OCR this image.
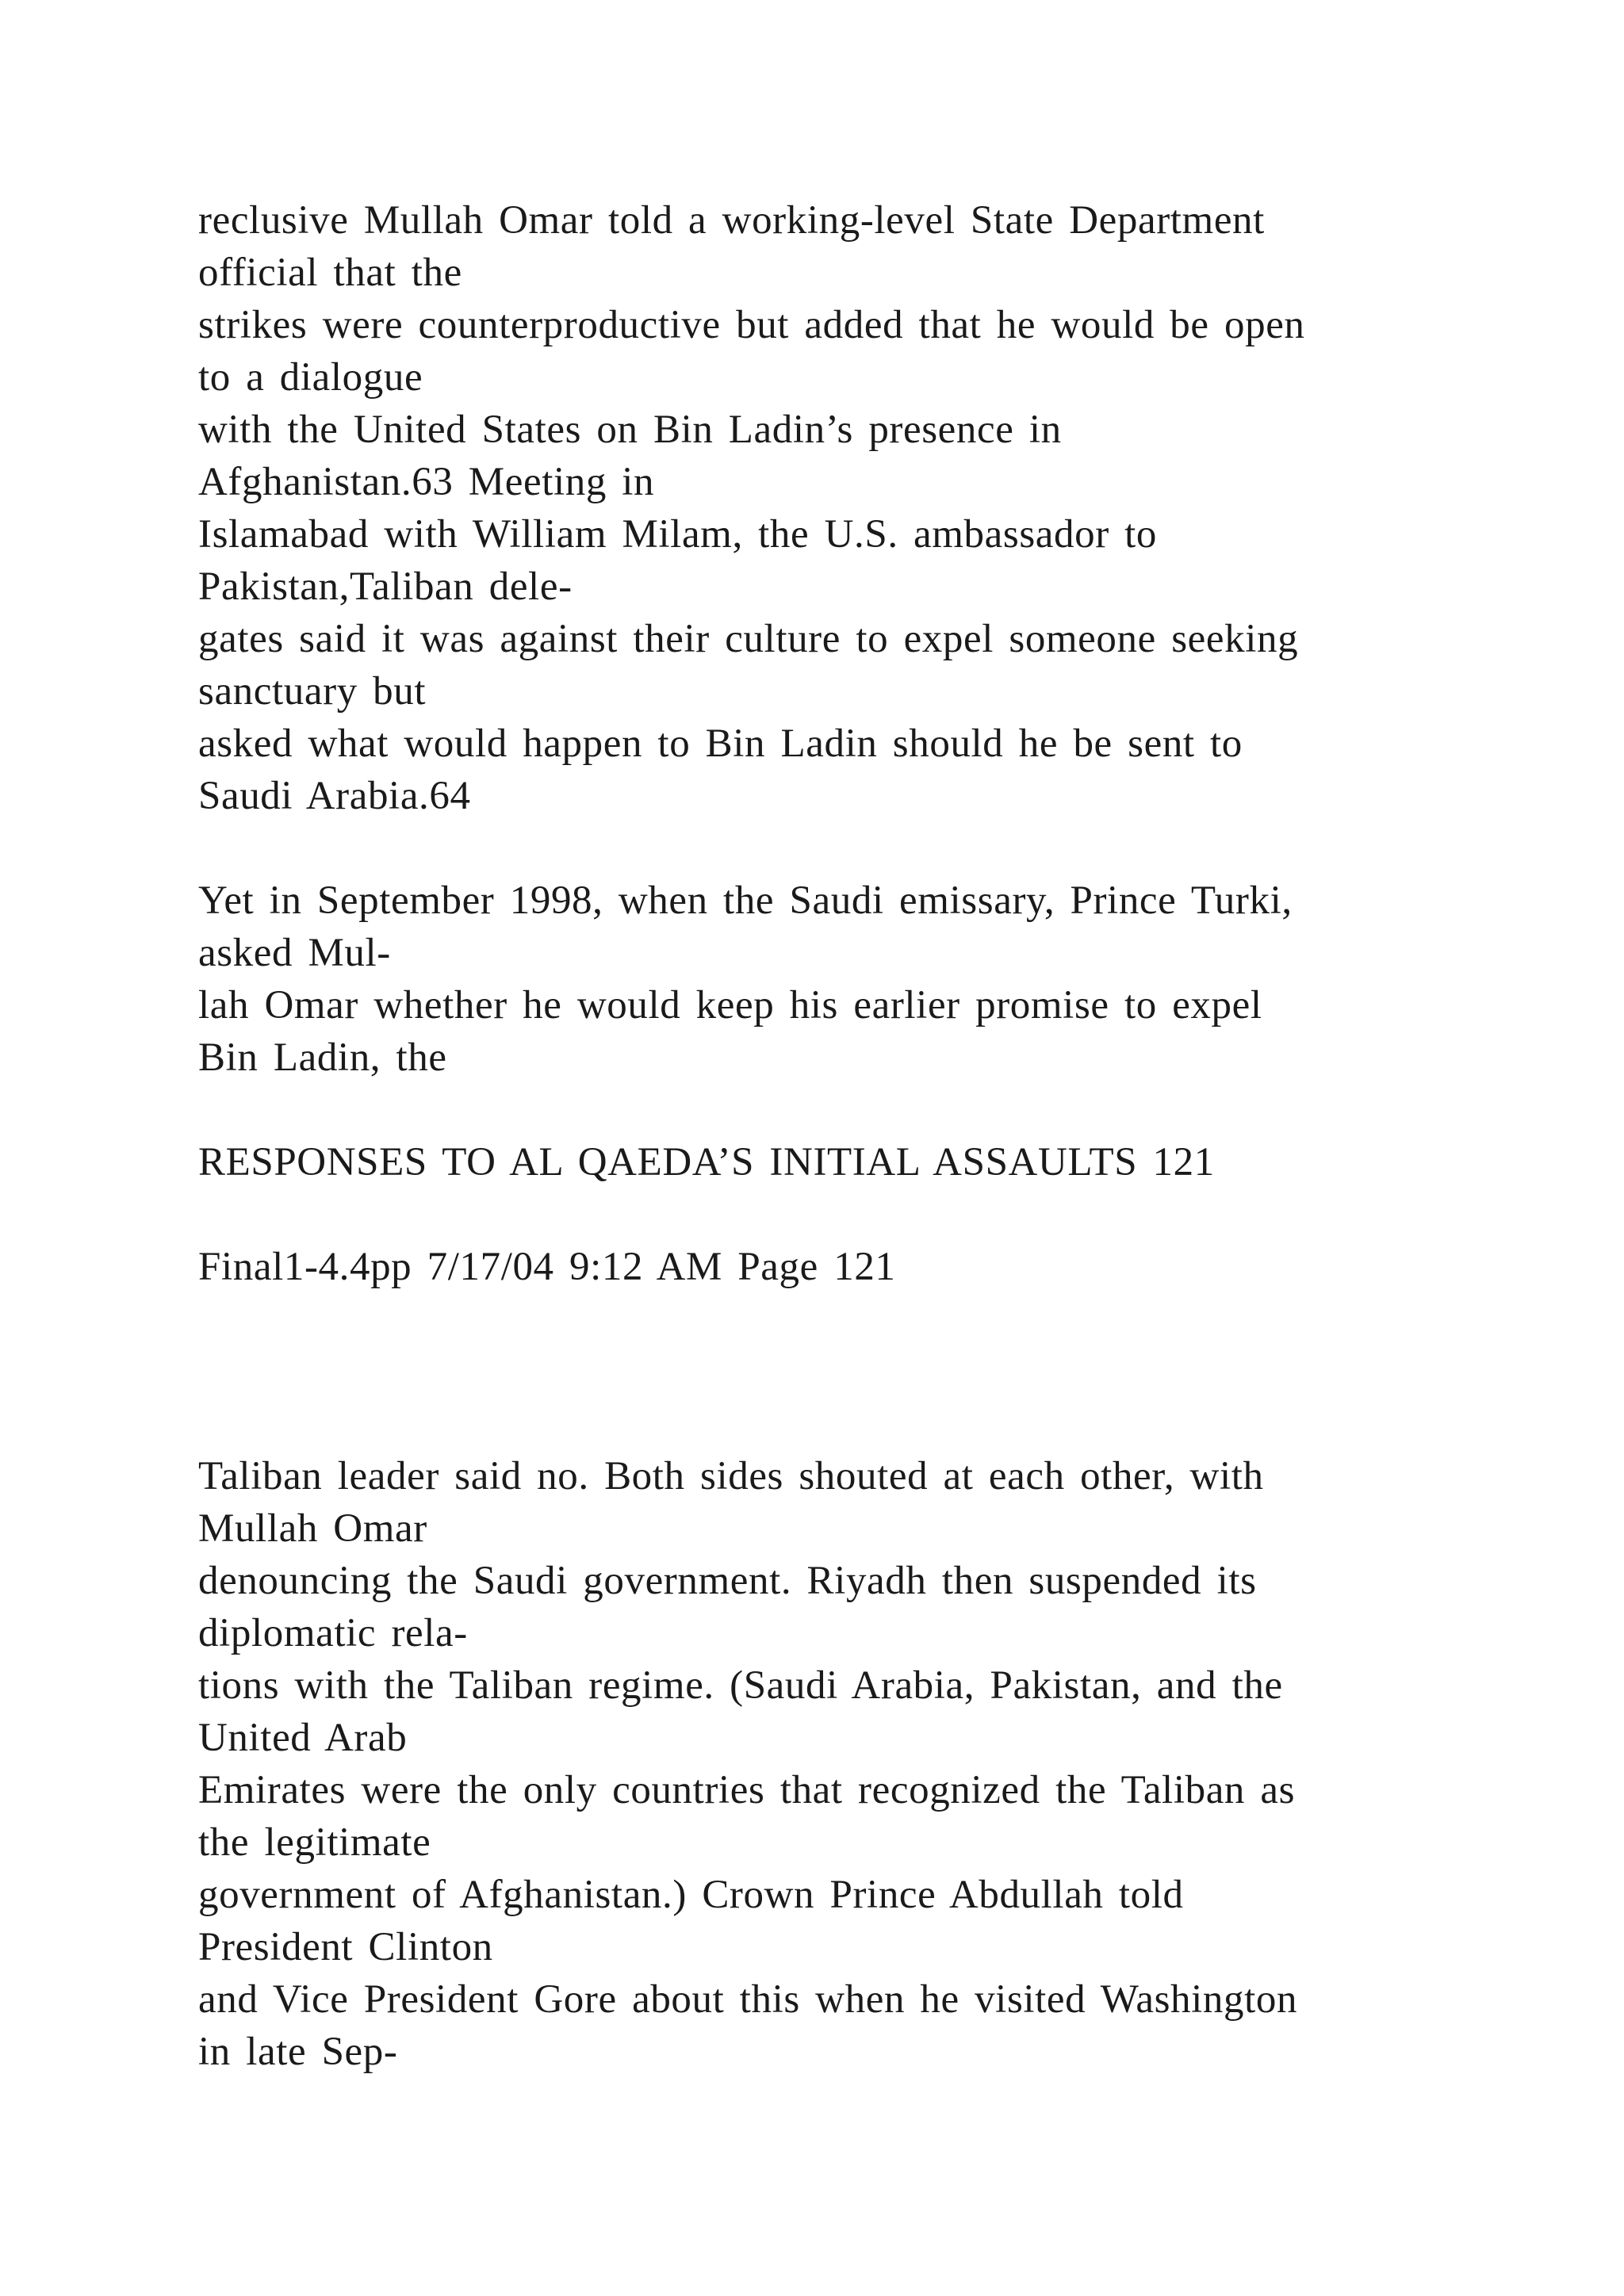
reclusive Mullah Omar told a working-level State Department
official that the
strikes were counterproductive but added that he would be open
to a dialogue
with the United States on Bin Ladin’s presence in
Afghanistan.63 Meeting in
Islamabad with William Milam, the U.S. ambassador to
Pakistan,Taliban dele-
gates said it was against their culture to expel someone seeking
sanctuary but
asked what would happen to Bin Ladin should he be sent to
Saudi Arabia.64
Yet in September 1998, when the Saudi emissary, Prince Turki,
asked Mul-
lah Omar whether he would keep his earlier promise to expel
Bin Ladin, the
RESPONSES TO AL QAEDA’S INITIAL ASSAULTS 121
Final1-4.4pp 7/17/04 9:12 AM Page 121
Taliban leader said no. Both sides shouted at each other, with
Mullah Omar
denouncing the Saudi government. Riyadh then suspended its
diplomatic rela-
tions with the Taliban regime. (Saudi Arabia, Pakistan, and the
United Arab
Emirates were the only countries that recognized the Taliban as
the legitimate
government of Afghanistan.) Crown Prince Abdullah told
President Clinton
and Vice President Gore about this when he visited Washington
in late Sep-
